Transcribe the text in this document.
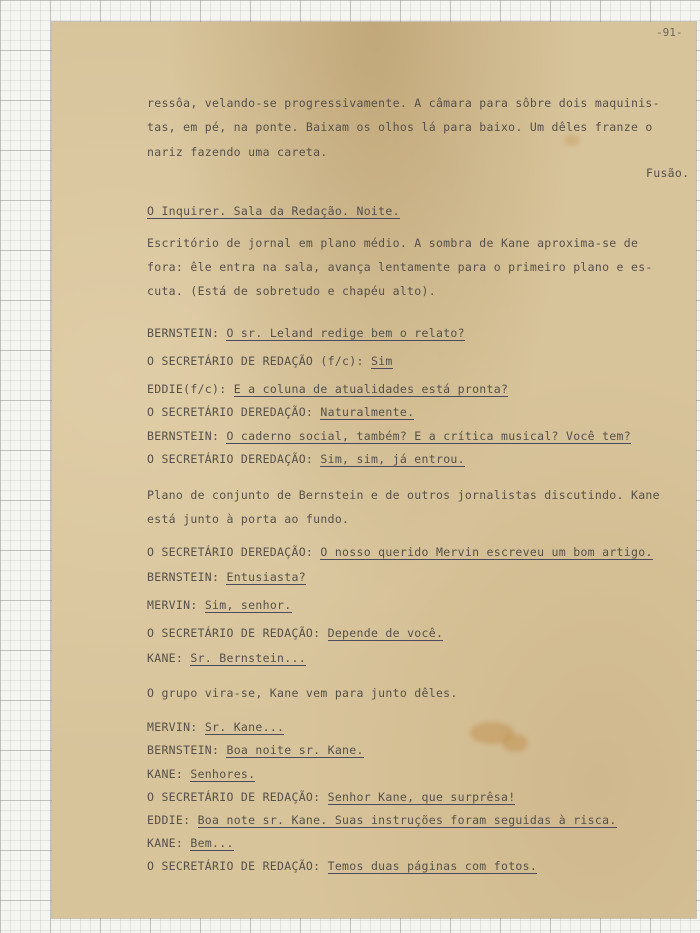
-91-
ressôa, velando-se progressivamente. A câmara para sôbre dois maquinis-
tas, em pé, na ponte. Baixam os olhos lá para baixo. Um dêles franze o
nariz fazendo uma careta.
Fusão.
O Inquirer. Sala da Redação. Noite.
Escritório de jornal em plano médio. A sombra de Kane aproxima-se de
fora: êle entra na sala, avança lentamente para o primeiro plano e es-
cuta. (Está de sobretudo e chapéu alto).
BERNSTEIN: O sr. Leland redige bem o relato?
O SECRETÁRIO DE REDAÇÃO (f/c): Sim
EDDIE(f/c): E a coluna de atualidades está pronta?
O SECRETÁRIO DEREDAÇÃO: Naturalmente.
BERNSTEIN: O caderno social, também? E a crítica musical? Você tem?
O SECRETÁRIO DEREDAÇÃO: Sim, sim, já entrou.
Plano de conjunto de Bernstein e de outros jornalistas discutindo. Kane
está junto à porta ao fundo.
O SECRETÁRIO DEREDAÇÃO: O nosso querido Mervin escreveu um bom artigo.
BERNSTEIN: Entusiasta?
MERVIN: Sim, senhor.
O SECRETÁRIO DE REDAÇÃO: Depende de você.
KANE: Sr. Bernstein...
O grupo vira-se, Kane vem para junto dêles.
MERVIN: Sr. Kane...
BERNSTEIN: Boa noite sr. Kane.
KANE: Senhores.
O SECRETÁRIO DE REDAÇÃO: Senhor Kane, que surprêsa!
EDDIE: Boa note sr. Kane. Suas instruções foram seguidas à risca.
KANE: Bem...
O SECRETÁRIO DE REDAÇÃO: Temos duas páginas com fotos.
